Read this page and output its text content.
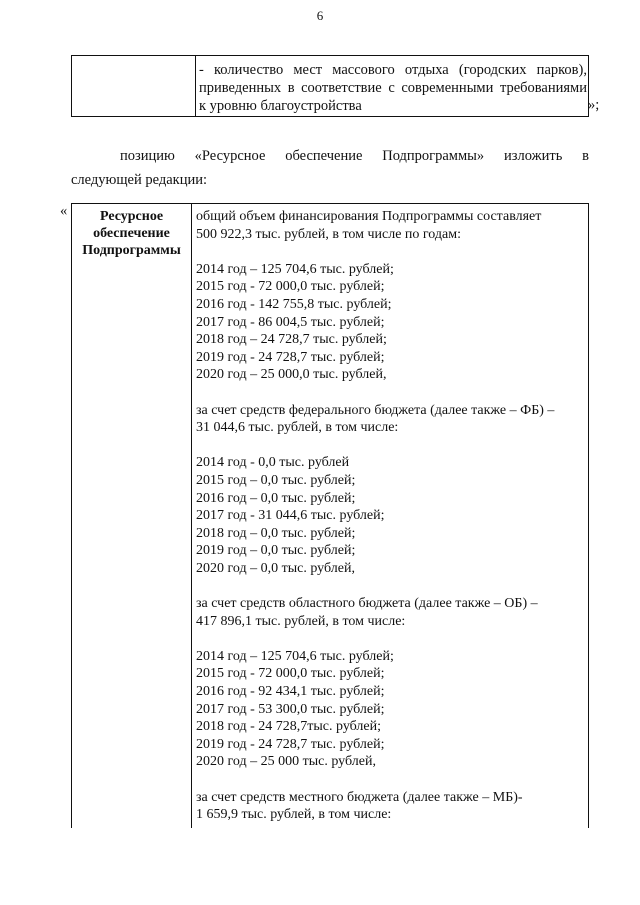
6
- количество мест массового отдыха (городских парков),
приведенных в соответствие с современными требованиями
к уровню благоустройства	»;
позицию «Ресурсное обеспечение Подпрограммы» изложить в
следующей редакции:
«	Ресурсное
обеспечение
Подпрограммы
общий объем финансирования Подпрограммы составляет
500 922,3 тыс. рублей, в том числе по годам:
2014 год – 125 704,6 тыс. рублей;
2015 год - 72 000,0 тыс. рублей;
2016 год - 142 755,8 тыс. рублей;
2017 год - 86 004,5 тыс. рублей;
2018 год – 24 728,7 тыс. рублей;
2019 год - 24 728,7 тыс. рублей;
2020 год – 25 000,0 тыс. рублей,
за счет средств федерального бюджета (далее также – ФБ) –
31 044,6 тыс. рублей, в том числе:
2014 год - 0,0 тыс. рублей
2015 год – 0,0 тыс. рублей;
2016 год – 0,0 тыс. рублей;
2017 год - 31 044,6 тыс. рублей;
2018 год – 0,0 тыс. рублей;
2019 год – 0,0 тыс. рублей;
2020 год – 0,0 тыс. рублей,
за счет средств областного бюджета (далее также – ОБ) –
417 896,1 тыс. рублей, в том числе:
2014 год – 125 704,6 тыс. рублей;
2015 год - 72 000,0 тыс. рублей;
2016 год - 92 434,1 тыс. рублей;
2017 год - 53 300,0 тыс. рублей;
2018 год - 24 728,7тыс. рублей;
2019 год - 24 728,7 тыс. рублей;
2020 год – 25 000 тыс. рублей,
за счет средств местного бюджета (далее также – МБ)-
1 659,9 тыс. рублей, в том числе:
